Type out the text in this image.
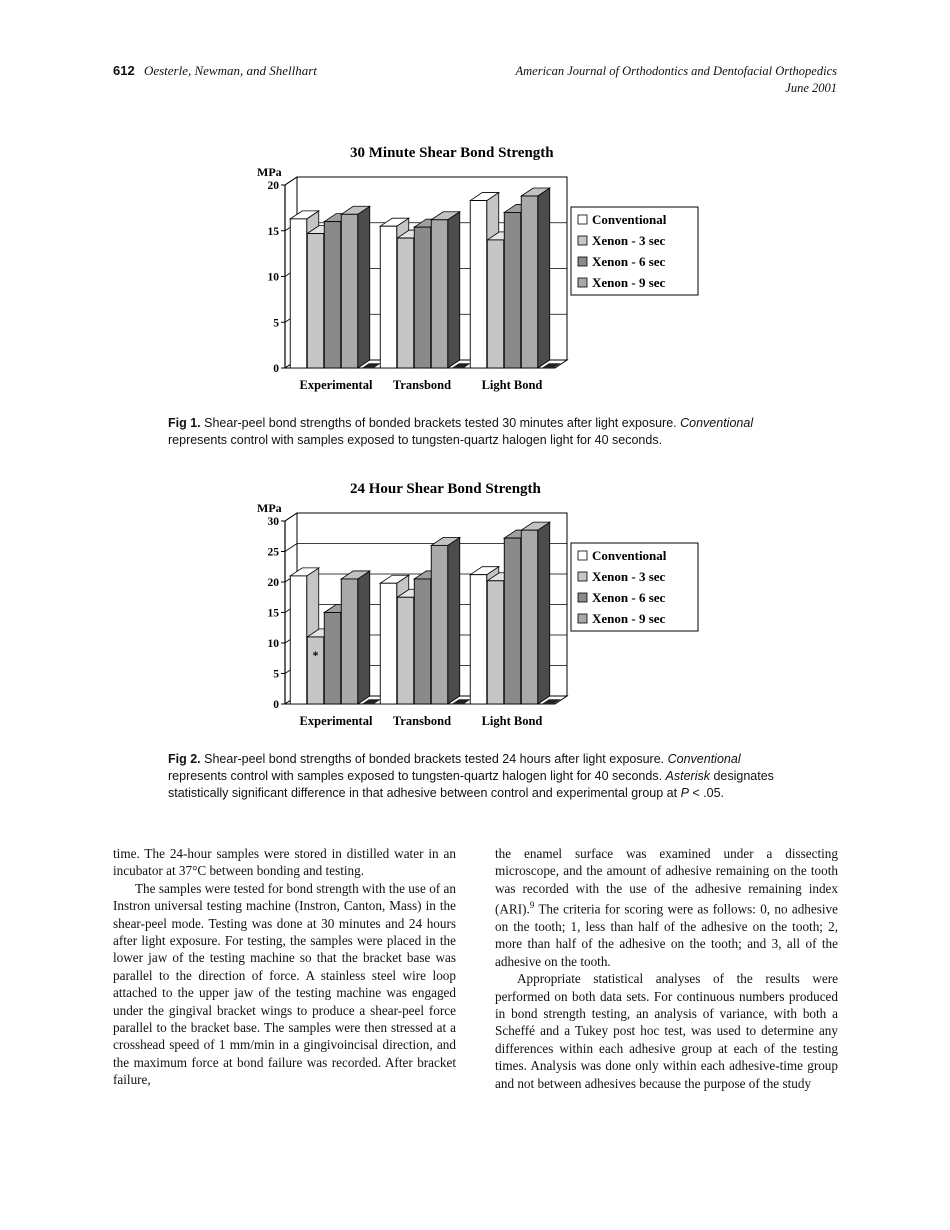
612 Oesterle, Newman, and Shellhart	American Journal of Orthodontics and Dentofacial Orthopedics
June 2001
30 Minute Shear Bond Strength
MPa
0
5
10
15
20
Experimental Transbond Light Bond
Conventional
Xenon - 3 sec
Xenon - 6 sec
Xenon - 9 sec
Fig 1. Shear-peel bond strengths of bonded brackets tested 30 minutes after light exposure. Conventional represents control with samples exposed to tungsten-quartz halogen light for 40 seconds.
24 Hour Shear Bond Strength
MPa
0
5
10
15
20
25
30
*
Experimental Transbond Light Bond
Conventional
Xenon - 3 sec
Xenon - 6 sec
Xenon - 9 sec
Fig 2. Shear-peel bond strengths of bonded brackets tested 24 hours after light exposure. Conventional represents control with samples exposed to tungsten-quartz halogen light for 40 seconds. Asterisk designates statistically significant difference in that adhesive between control and experimental group at P < .05.

time. The 24-hour samples were stored in distilled water in an incubator at 37°C between bonding and testing.

The samples were tested for bond strength with the use of an Instron universal testing machine (Instron, Canton, Mass) in the shear-peel mode. Testing was done at 30 minutes and 24 hours after light exposure. For testing, the samples were placed in the lower jaw of the testing machine so that the bracket base was parallel to the direction of force. A stainless steel wire loop attached to the upper jaw of the testing machine was engaged under the gingival bracket wings to produce a shear-peel force parallel to the bracket base. The samples were then stressed at a crosshead speed of 1 mm/min in a gingivoincisal direction, and the maximum force at bond failure was recorded. After bracket failure,

the enamel surface was examined under a dissecting microscope, and the amount of adhesive remaining on the tooth was recorded with the use of the adhesive remaining index (ARI).$^9$ The criteria for scoring were as follows: 0, no adhesive on the tooth; 1, less than half of the adhesive on the tooth; 2, more than half of the adhesive on the tooth; and 3, all of the adhesive on the tooth.

Appropriate statistical analyses of the results were performed on both data sets. For continuous numbers produced in bond strength testing, an analysis of variance, with both a Scheffé and a Tukey post hoc test, was used to determine any differences within each adhesive group at each of the testing times. Analysis was done only within each adhesive-time group and not between adhesives because the purpose of the study
